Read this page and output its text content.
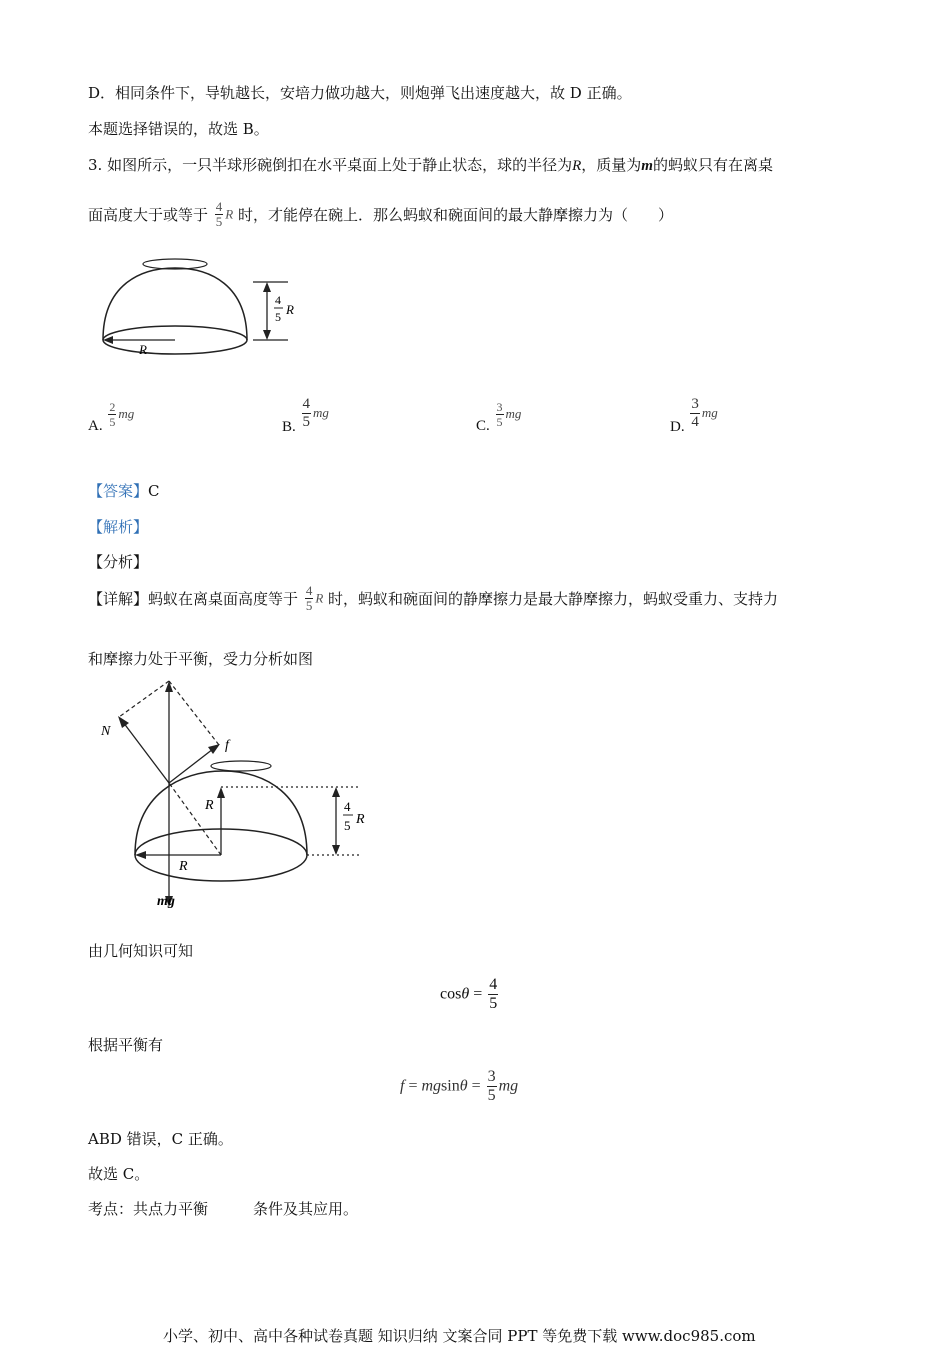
D．相同条件下，导轨越长，安培力做功越大，则炮弹飞出速度越大，故 D 正确。
本题选择错误的，故选 B。
3. 如图所示，一只半球形碗倒扣在水平桌面上处于静止状态，球的半径为R，质量为m的蚂蚁只有在离桌
面高度大于或等于 $\frac{4}{5}$ R 时，才能停在碗上．那么蚂蚁和碗面间的最大静摩擦力为（　　）
R
4
5 R
A. $\frac{2}{5}$ mg
B. $\frac{4}{5}$ mg
C. $\frac{3}{5}$ mg
D. $\frac{3}{4}$ mg
【答案】C
【解析】
【分析】
【详解】蚂蚁在离桌面高度等于 $\frac{4}{5}$ R 时，蚂蚁和碗面间的静摩擦力是最大静摩擦力，蚂蚁受重力、支持力
和摩擦力处于平衡，受力分析如图
R
R	4
5 R
mg
N
f
由几何知识可知
$\cos\theta = \frac{4}{5}$
根据平衡有
$f = mgsin\theta = \frac{3}{5}$ mg
ABD 错误，C 正确。
故选 C。
考点：共点力平衡	条件及其应用。
小学、初中、高中各种试卷真题 知识归纳 文案合同 PPT 等免费下载 www.doc985.com
